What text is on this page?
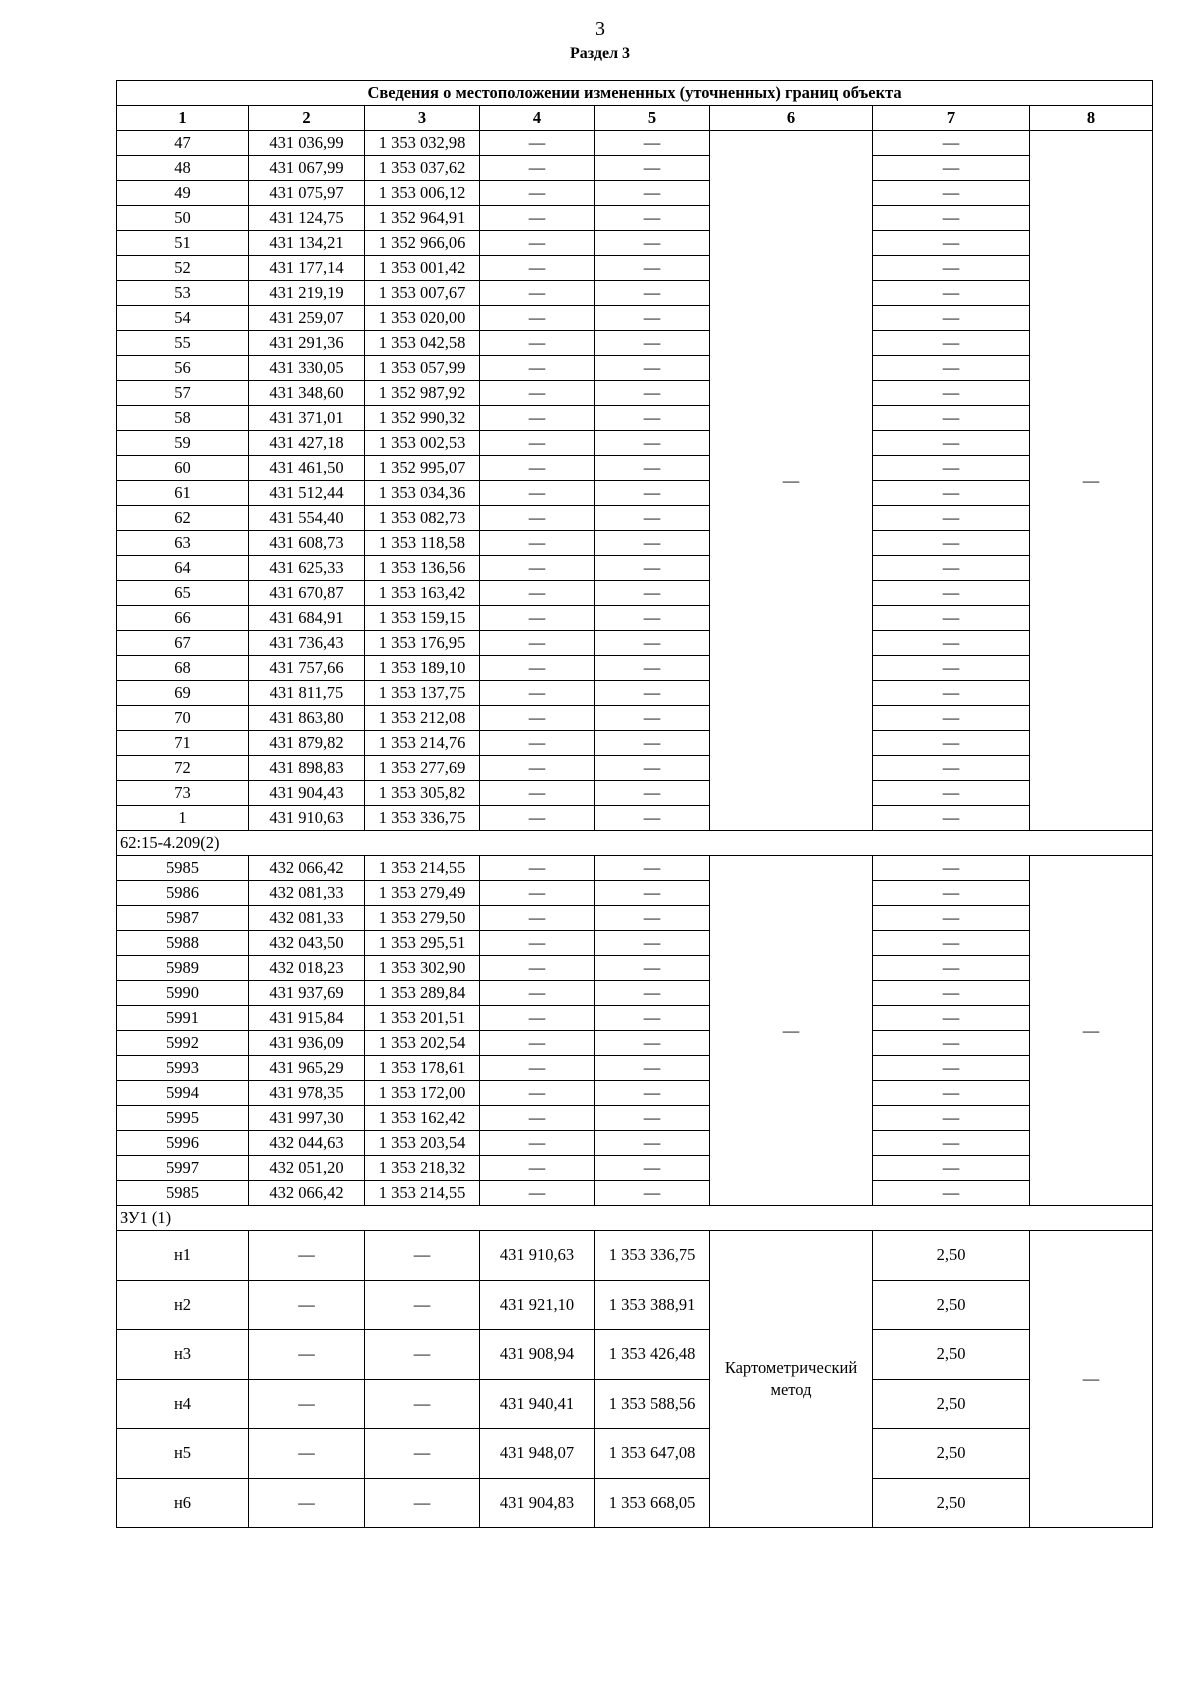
3
Раздел 3
Сведения о местоположении измененных (уточненных) границ объекта							
1	2	3	4	5	6	7	8
47	431 036,99	1 353 032,98	—	—	—	—	—
48	431 067,99	1 353 037,62	—	—		—	
49	431 075,97	1 353 006,12	—	—		—	
50	431 124,75	1 352 964,91	—	—		—	
51	431 134,21	1 352 966,06	—	—		—	
52	431 177,14	1 353 001,42	—	—		—	
53	431 219,19	1 353 007,67	—	—		—	
54	431 259,07	1 353 020,00	—	—		—	
55	431 291,36	1 353 042,58	—	—		—	
56	431 330,05	1 353 057,99	—	—		—	
57	431 348,60	1 352 987,92	—	—		—	
58	431 371,01	1 352 990,32	—	—		—	
59	431 427,18	1 353 002,53	—	—		—	
60	431 461,50	1 352 995,07	—	—		—	
61	431 512,44	1 353 034,36	—	—		—	
62	431 554,40	1 353 082,73	—	—		—	
63	431 608,73	1 353 118,58	—	—		—	
64	431 625,33	1 353 136,56	—	—		—	
65	431 670,87	1 353 163,42	—	—		—	
66	431 684,91	1 353 159,15	—	—		—	
67	431 736,43	1 353 176,95	—	—		—	
68	431 757,66	1 353 189,10	—	—		—	
69	431 811,75	1 353 137,75	—	—		—	
70	431 863,80	1 353 212,08	—	—		—	
71	431 879,82	1 353 214,76	—	—		—	
72	431 898,83	1 353 277,69	—	—		—	
73	431 904,43	1 353 305,82	—	—		—	
1	431 910,63	1 353 336,75	—	—		—	
62:15-4.209(2)							
5985	432 066,42	1 353 214,55	—	—	—	—	—
5986	432 081,33	1 353 279,49	—	—		—	
5987	432 081,33	1 353 279,50	—	—		—	
5988	432 043,50	1 353 295,51	—	—		—	
5989	432 018,23	1 353 302,90	—	—		—	
5990	431 937,69	1 353 289,84	—	—		—	
5991	431 915,84	1 353 201,51	—	—		—	
5992	431 936,09	1 353 202,54	—	—		—	
5993	431 965,29	1 353 178,61	—	—		—	
5994	431 978,35	1 353 172,00	—	—		—	
5995	431 997,30	1 353 162,42	—	—		—	
5996	432 044,63	1 353 203,54	—	—		—	
5997	432 051,20	1 353 218,32	—	—		—	
5985	432 066,42	1 353 214,55	—	—		—	
ЗУ1 (1)							
н1	—	—	431 910,63	1 353 336,75	Картометрический метод	2,50	—
н2	—	—	431 921,10	1 353 388,91		2,50	
н3	—	—	431 908,94	1 353 426,48		2,50	
н4	—	—	431 940,41	1 353 588,56		2,50	
н5	—	—	431 948,07	1 353 647,08		2,50	
н6	—	—	431 904,83	1 353 668,05		2,50	
